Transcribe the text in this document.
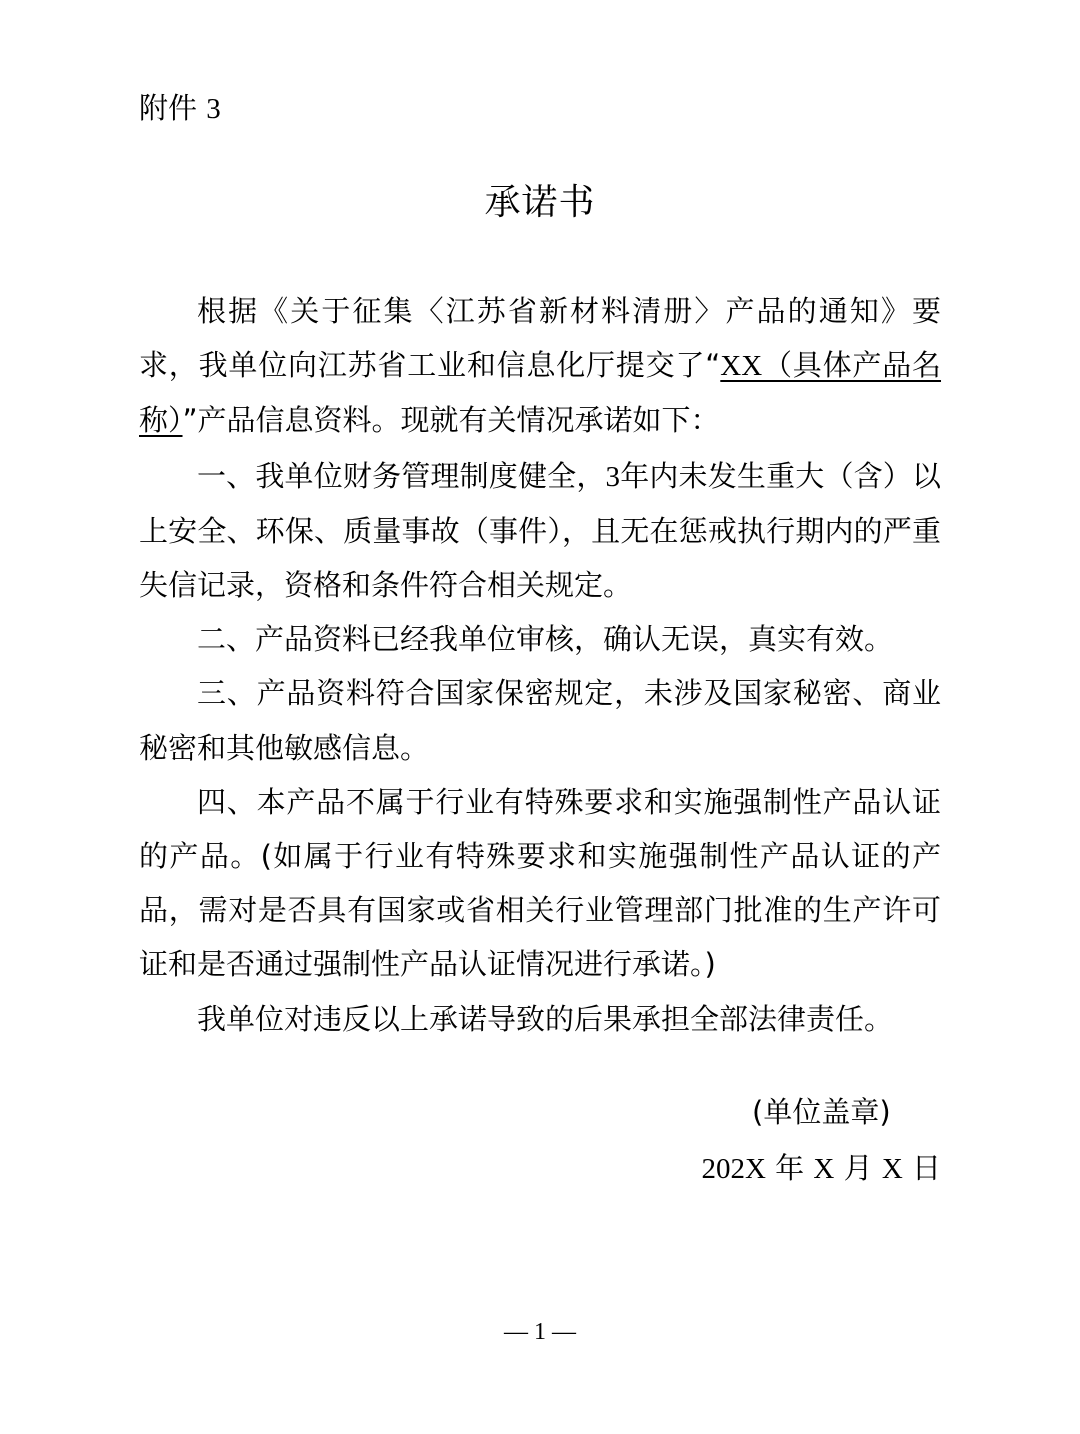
附件 3
承诺书

根据《关于征集〈江苏省新材料清册〉产品的通知》要求，我单位向江苏省工业和信息化厅提交了“XX（具体产品名称）”产品信息资料。现就有关情况承诺如下：

一、我单位财务管理制度健全，3年内未发生重大（含）以上安全、环保、质量事故（事件），且无在惩戒执行期内的严重失信记录，资格和条件符合相关规定。

二、产品资料已经我单位审核，确认无误，真实有效。

三、产品资料符合国家保密规定，未涉及国家秘密、商业秘密和其他敏感信息。

四、本产品不属于行业有特殊要求和实施强制性产品认证的产品。(如属于行业有特殊要求和实施强制性产品认证的产品，需对是否具有国家或省相关行业管理部门批准的生产许可证和是否通过强制性产品认证情况进行承诺。)

我单位对违反以上承诺导致的后果承担全部法律责任。

(单位盖章)
202X 年 X 月 X 日
— 1 —
